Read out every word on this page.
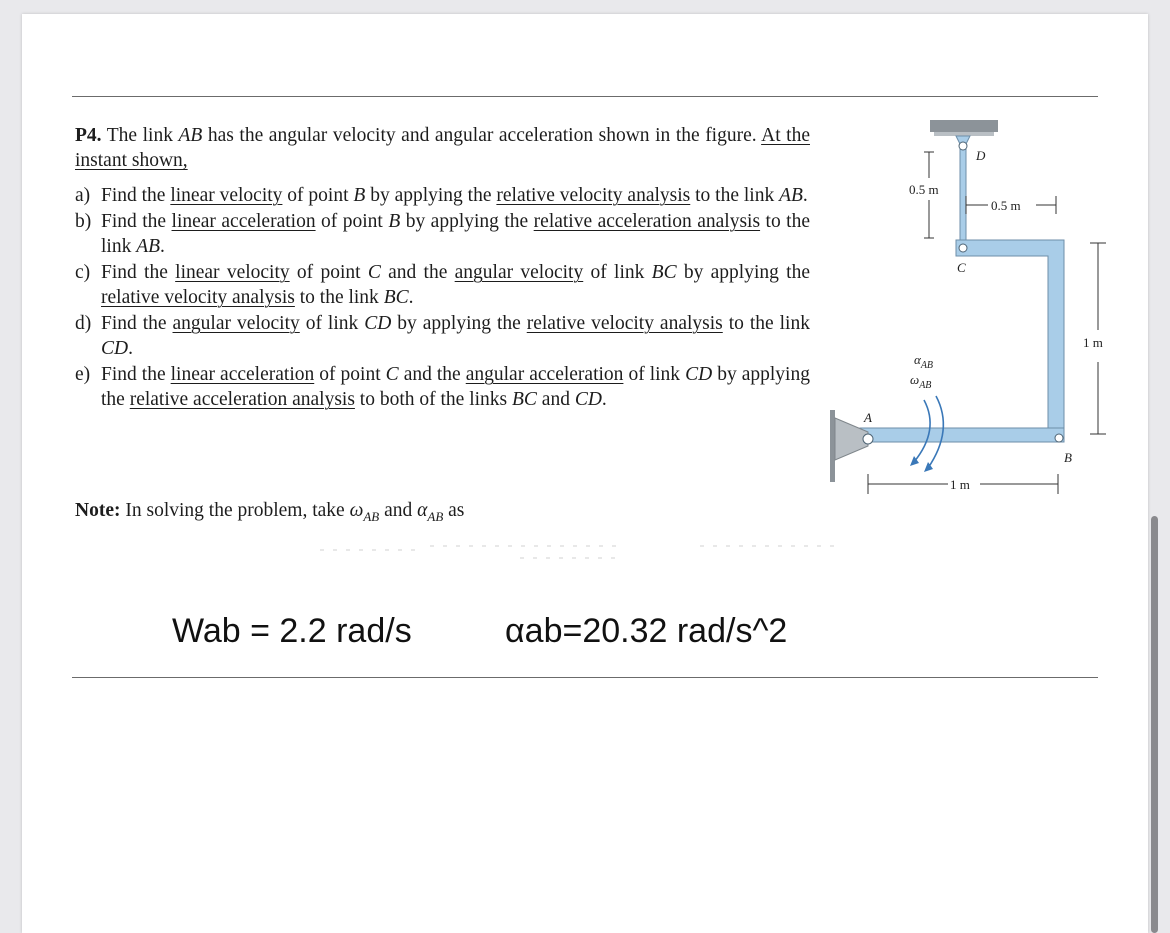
P4. The link AB has the angular velocity and angular acceleration shown in the figure. At the instant shown,

a) Find the linear velocity of point B by applying the relative velocity analysis to the link AB.
b) Find the linear acceleration of point B by applying the relative acceleration analysis to the link AB.
c) Find the linear velocity of point C and the angular velocity of link BC by applying the relative velocity analysis to the link BC.
d) Find the angular velocity of link CD by applying the relative velocity analysis to the link CD.
e) Find the linear acceleration of point C and the angular acceleration of link CD by applying the relative acceleration analysis to both of the links BC and CD.
Note: In solving the problem, take $\omega_{AB}$ and $\alpha_{AB}$ as
Wab = 2.2 rad/s	αab=20.32 rad/s^2
D
C
B
A
0.5 m
0.5 m
1 m
1 m
$\alpha_{AB}$
$\omega_{AB}$
